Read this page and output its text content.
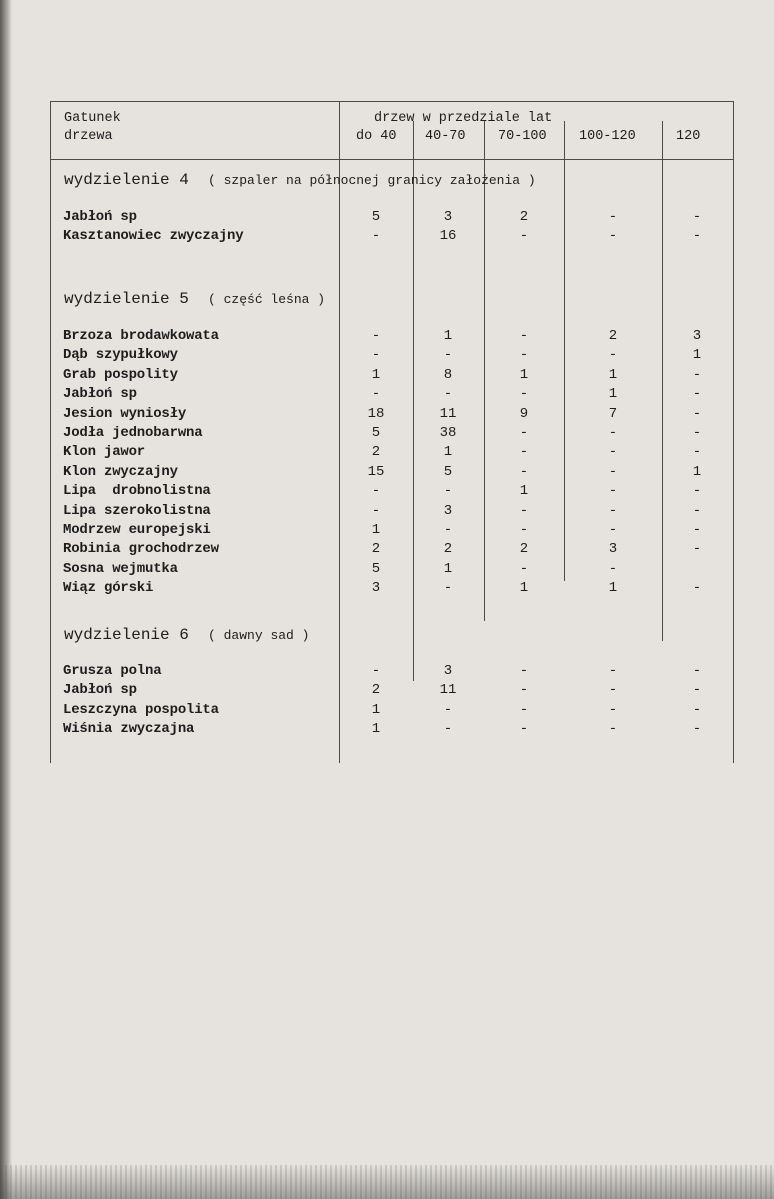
Gatunek
drzewa
drzew w przedziale lat
do 40 40-70 70-100 100-120	120
wydzielenie 4 ( szpaler na północnej granicy założenia )
Jabłoń sp	5	3	2	-	-
Kasztanowiec zwyczajny	-	16	-	-	-
wydzielenie 5 ( część leśna )
Brzoza brodawkowata	-	1	-	2	3
Dąb szypułkowy	-	-	-	-	1
Grab pospolity	1	8	1	1	-
Jabłoń sp	-	-	-	1	-
Jesion wyniosły	18	11	9	7	-
Jodła jednobarwna	5	38	-	-	-
Klon jawor	2	1	-	-	-
Klon zwyczajny	15	5	-	-	1
Lipa  drobnolistna	-	-	1	-	-
Lipa szerokolistna	-	3	-	-	-
Modrzew europejski	1	-	-	-	-
Robinia grochodrzew	2	2	2	3	-
Sosna wejmutka	5	1	-	-
Wiąz górski	3	-	1	1	-
wydzielenie 6 ( dawny sad )
Grusza polna	-	3	-	-	-
Jabłoń sp	2	11	-	-	-
Leszczyna pospolita	1	-	-	-	-
Wiśnia zwyczajna	1	-	-	-	-
